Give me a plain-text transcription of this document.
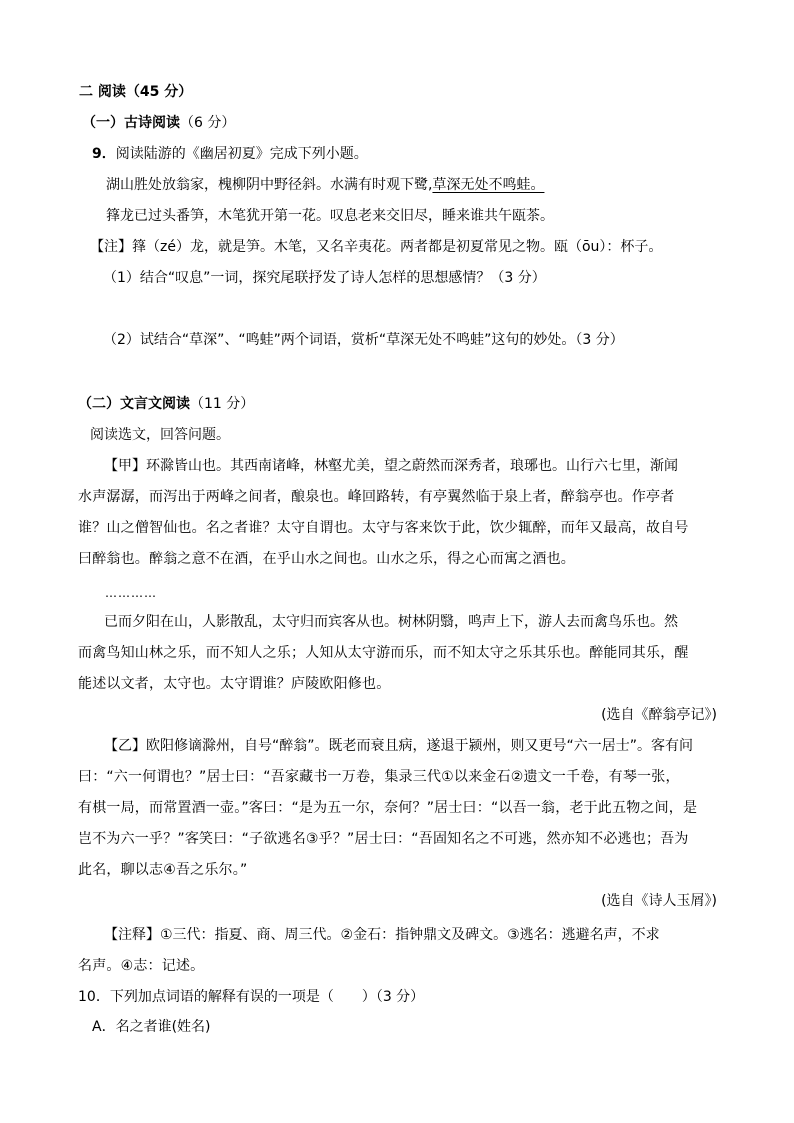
二 阅读（45 分）
（一）古诗阅读（6 分）
9．阅读陆游的《幽居初夏》完成下列小题。
湖山胜处放翁家，槐柳阴中野径斜。水满有时观下鹭,草深无处不鸣蛙。
箨龙已过头番笋，木笔犹开第一花。叹息老来交旧尽，睡来谁共午瓯茶。
【注】箨（zé）龙，就是笋。木笔，又名辛夷花。两者都是初夏常见之物。瓯（ōu）：杯子。
（1）结合“叹息”一词，探究尾联抒发了诗人怎样的思想感情？（3 分）
（2）试结合“草深”、“鸣蛙”两个词语，赏析“草深无处不鸣蛙”这句的妙处。（3 分）
（二）文言文阅读（11 分）
阅读选文，回答问题。
【甲】环滁皆山也。其西南诸峰，林壑尤美，望之蔚然而深秀者，琅琊也。山行六七里，渐闻
水声潺潺，而泻出于两峰之间者，酿泉也。峰回路转，有亭翼然临于泉上者，醉翁亭也。作亭者
谁？山之僧智仙也。名之者谁？太守自谓也。太守与客来饮于此，饮少辄醉，而年又最高，故自号
曰醉翁也。醉翁之意不在酒，在乎山水之间也。山水之乐，得之心而寓之酒也。
…………
已而夕阳在山，人影散乱，太守归而宾客从也。树林阴翳，鸣声上下，游人去而禽鸟乐也。然
而禽鸟知山林之乐，而不知人之乐；人知从太守游而乐，而不知太守之乐其乐也。醉能同其乐，醒
能述以文者，太守也。太守谓谁？庐陵欧阳修也。
(选自《醉翁亭记》)
【乙】欧阳修谪滁州，自号“醉翁”。既老而衰且病，遂退于颍州，则又更号“六一居士”。客有问
曰：“六一何谓也？”居士曰：“吾家藏书一万卷，集录三代①以来金石②遗文一千卷，有琴一张，
有棋一局，而常置酒一壶。”客曰：“是为五一尔，奈何？”居士曰：“以吾一翁，老于此五物之间，是
岂不为六一乎？”客笑曰：“子欲逃名③乎？”居士曰：“吾固知名之不可逃，然亦知不必逃也；吾为
此名，聊以志④吾之乐尔。”
(选自《诗人玉屑》)
【注释】①三代：指夏、商、周三代。②金石：指钟鼎文及碑文。③逃名：逃避名声，不求
名声。④志：记述。
10．下列加点词语的解释有误的一项是（　　）（3 分）
A．名之者谁(姓名)
